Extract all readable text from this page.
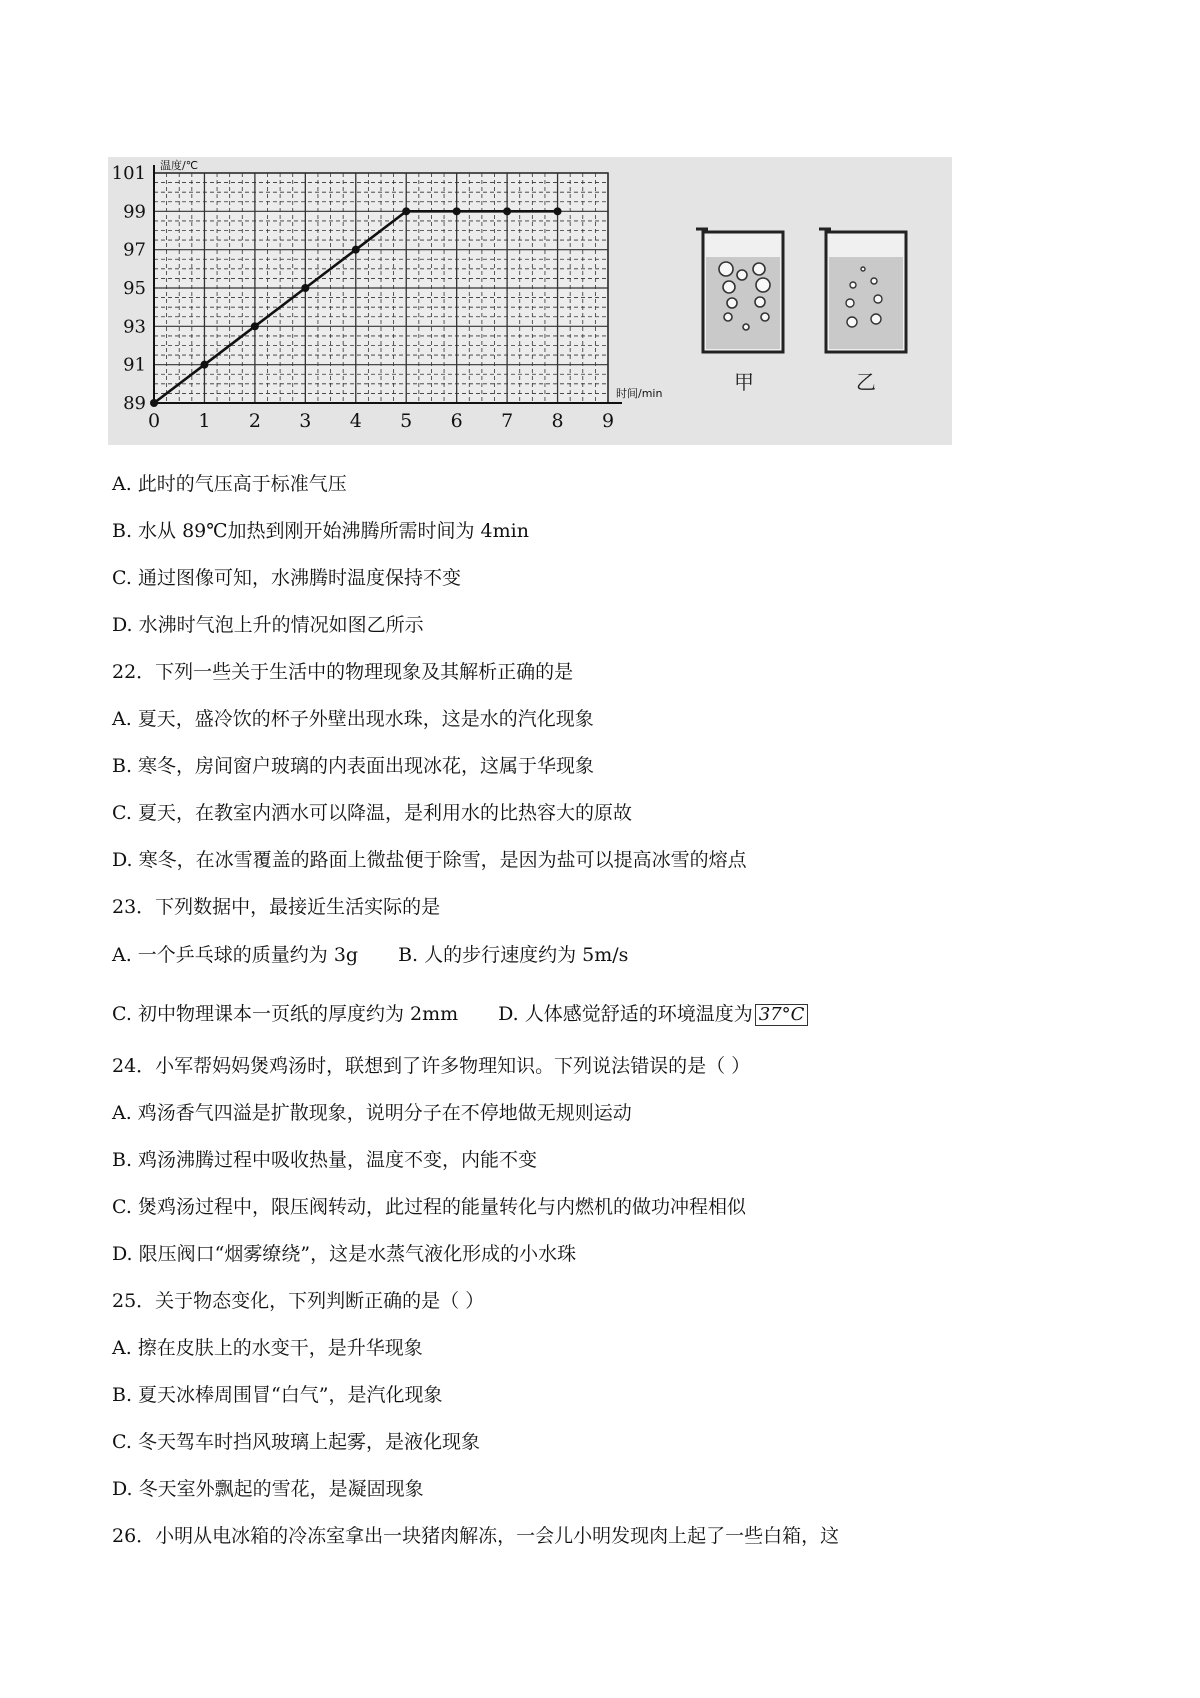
0 1 2 3 4 5 6 7 8 9
89
91
93
95
97
99
101 温度/℃
时间/min	甲	乙
A. 此时的气压高于标准气压
B. 水从 89℃加热到刚开始沸腾所需时间为 4min
C. 通过图像可知，水沸腾时温度保持不变
D. 水沸时气泡上升的情况如图乙所示
22．下列一些关于生活中的物理现象及其解析正确的是
A. 夏天，盛冷饮的杯子外壁出现水珠，这是水的汽化现象
B. 寒冬，房间窗户玻璃的内表面出现冰花，这属于华现象
C. 夏天，在教室内洒水可以降温，是利用水的比热容大的原故
D. 寒冬，在冰雪覆盖的路面上微盐便于除雪，是因为盐可以提高冰雪的熔点
23．下列数据中，最接近生活实际的是
A. 一个乒乓球的质量约为 3g B. 人的步行速度约为 5m/s
C. 初中物理课本一页纸的厚度约为 2mm D. 人体感觉舒适的环境温度为 37°C
24．小军帮妈妈煲鸡汤时，联想到了许多物理知识。下列说法错误的是（ ）
A. 鸡汤香气四溢是扩散现象，说明分子在不停地做无规则运动
B. 鸡汤沸腾过程中吸收热量，温度不变，内能不变
C. 煲鸡汤过程中，限压阀转动，此过程的能量转化与内燃机的做功冲程相似
D. 限压阀口“烟雾缭绕”，这是水蒸气液化形成的小水珠
25．关于物态变化，下列判断正确的是（ ）
A. 擦在皮肤上的水变干，是升华现象
B. 夏天冰棒周围冒“白气”，是汽化现象
C. 冬天驾车时挡风玻璃上起雾，是液化现象
D. 冬天室外飘起的雪花，是凝固现象
26．小明从电冰箱的冷冻室拿出一块猪肉解冻，一会儿小明发现肉上起了一些白箱，这
